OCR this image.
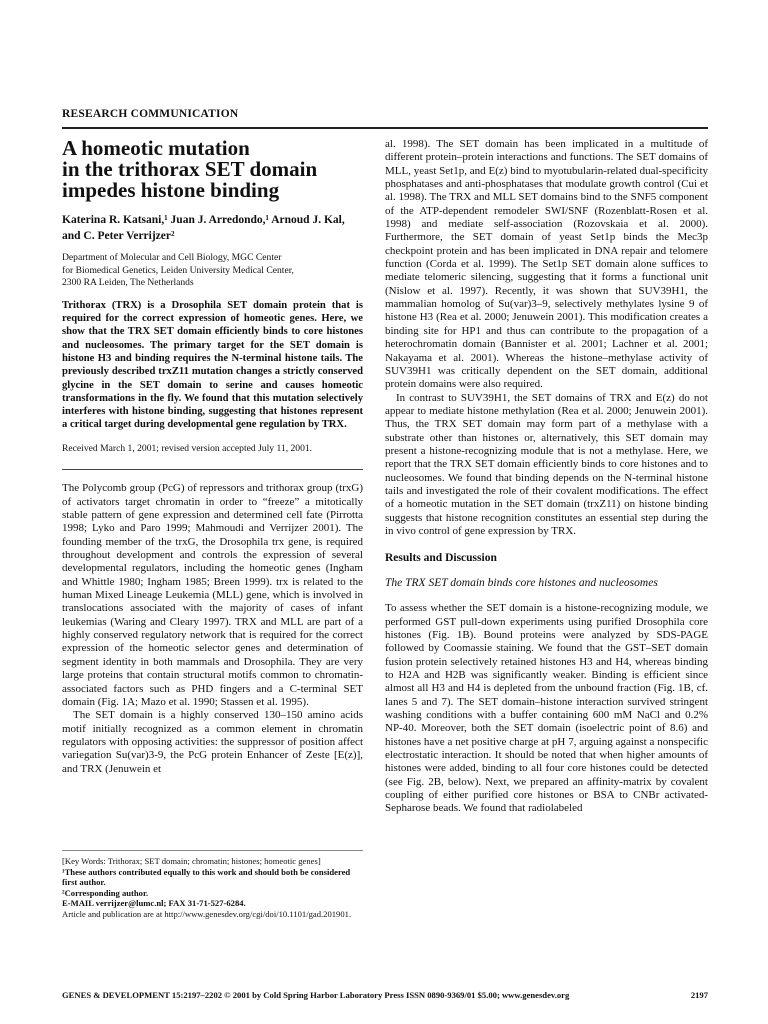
RESEARCH COMMUNICATION
A homeotic mutation
in the trithorax SET domain
impedes histone binding

Katerina R. Katsani,¹ Juan J. Arredondo,¹ Arnoud J. Kal, and C. Peter Verrijzer²

Department of Molecular and Cell Biology, MGC Center
for Biomedical Genetics, Leiden University Medical Center,
2300 RA Leiden, The Netherlands

Trithorax (TRX) is a Drosophila SET domain protein that is required for the correct expression of homeotic genes. Here, we show that the TRX SET domain efficiently binds to core histones and nucleosomes. The primary target for the SET domain is histone H3 and binding requires the N-terminal histone tails. The previously described trxZ11 mutation changes a strictly conserved glycine in the SET domain to serine and causes homeotic transformations in the fly. We found that this mutation selectively interferes with histone binding, suggesting that histones represent a critical target during developmental gene regulation by TRX.

Received March 1, 2001; revised version accepted July 11, 2001.

The Polycomb group (PcG) of repressors and trithorax group (trxG) of activators target chromatin in order to “freeze” a mitotically stable pattern of gene expression and determined cell fate (Pirrotta 1998; Lyko and Paro 1999; Mahmoudi and Verrijzer 2001). The founding member of the trxG, the Drosophila trx gene, is required throughout development and controls the expression of several developmental regulators, including the homeotic genes (Ingham and Whittle 1980; Ingham 1985; Breen 1999). trx is related to the human Mixed Lineage Leukemia (MLL) gene, which is involved in translocations associated with the majority of cases of infant leukemias (Waring and Cleary 1997). TRX and MLL are part of a highly conserved regulatory network that is required for the correct expression of the homeotic selector genes and determination of segment identity in both mammals and Drosophila. They are very large proteins that contain structural motifs common to chromatin-associated factors such as PHD fingers and a C-terminal SET domain (Fig. 1A; Mazo et al. 1990; Stassen et al. 1995).

The SET domain is a highly conserved 130–150 amino acids motif initially recognized as a common element in chromatin regulators with opposing activities: the suppressor of position affect variegation Su(var)3-9, the PcG protein Enhancer of Zeste [E(z)], and TRX (Jenuwein et

[Key Words: Trithorax; SET domain; chromatin; histones; homeotic genes]

¹These authors contributed equally to this work and should both be considered first author.

²Corresponding author.

E-MAIL verrijzer@lumc.nl; FAX 31-71-527-6284.

Article and publication are at http://www.genesdev.org/cgi/doi/10.1101/gad.201901.

al. 1998). The SET domain has been implicated in a multitude of different protein–protein interactions and functions. The SET domains of MLL, yeast Set1p, and E(z) bind to myotubularin-related dual-specificity phosphatases and anti-phosphatases that modulate growth control (Cui et al. 1998). The TRX and MLL SET domains bind to the SNF5 component of the ATP-dependent remodeler SWI/SNF (Rozenblatt-Rosen et al. 1998) and mediate self-association (Rozovskaia et al. 2000). Furthermore, the SET domain of yeast Set1p binds the Mec3p checkpoint protein and has been implicated in DNA repair and telomere function (Corda et al. 1999). The Set1p SET domain alone suffices to mediate telomeric silencing, suggesting that it forms a functional unit (Nislow et al. 1997). Recently, it was shown that SUV39H1, the mammalian homolog of Su(var)3–9, selectively methylates lysine 9 of histone H3 (Rea et al. 2000; Jenuwein 2001). This modification creates a binding site for HP1 and thus can contribute to the propagation of a heterochromatin domain (Bannister et al. 2001; Lachner et al. 2001; Nakayama et al. 2001). Whereas the histone–methylase activity of SUV39H1 was critically dependent on the SET domain, additional protein domains were also required.

In contrast to SUV39H1, the SET domains of TRX and E(z) do not appear to mediate histone methylation (Rea et al. 2000; Jenuwein 2001). Thus, the TRX SET domain may form part of a methylase with a substrate other than histones or, alternatively, this SET domain may present a histone-recognizing module that is not a methylase. Here, we report that the TRX SET domain efficiently binds to core histones and to nucleosomes. We found that binding depends on the N-terminal histone tails and investigated the role of their covalent modifications. The effect of a homeotic mutation in the SET domain (trxZ11) on histone binding suggests that histone recognition constitutes an essential step during the in vivo control of gene expression by TRX.

Results and Discussion
The TRX SET domain binds core histones and nucleosomes

To assess whether the SET domain is a histone-recognizing module, we performed GST pull-down experiments using purified Drosophila core histones (Fig. 1B). Bound proteins were analyzed by SDS-PAGE followed by Coomassie staining. We found that the GST–SET domain fusion protein selectively retained histones H3 and H4, whereas binding to H2A and H2B was significantly weaker. Binding is efficient since almost all H3 and H4 is depleted from the unbound fraction (Fig. 1B, cf. lanes 5 and 7). The SET domain–histone interaction survived stringent washing conditions with a buffer containing 600 mM NaCl and 0.2% NP-40. Moreover, both the SET domain (isoelectric point of 8.6) and histones have a net positive charge at pH 7, arguing against a nonspecific electrostatic interaction. It should be noted that when higher amounts of histones were added, binding to all four core histones could be detected (see Fig. 2B, below). Next, we prepared an affinity-matrix by covalent coupling of either purified core histones or BSA to CNBr activated-Sepharose beads. We found that radiolabeled

GENES & DEVELOPMENT 15:2197–2202 © 2001 by Cold Spring Harbor Laboratory Press ISSN 0890-9369/01 $5.00; www.genesdev.org	2197
